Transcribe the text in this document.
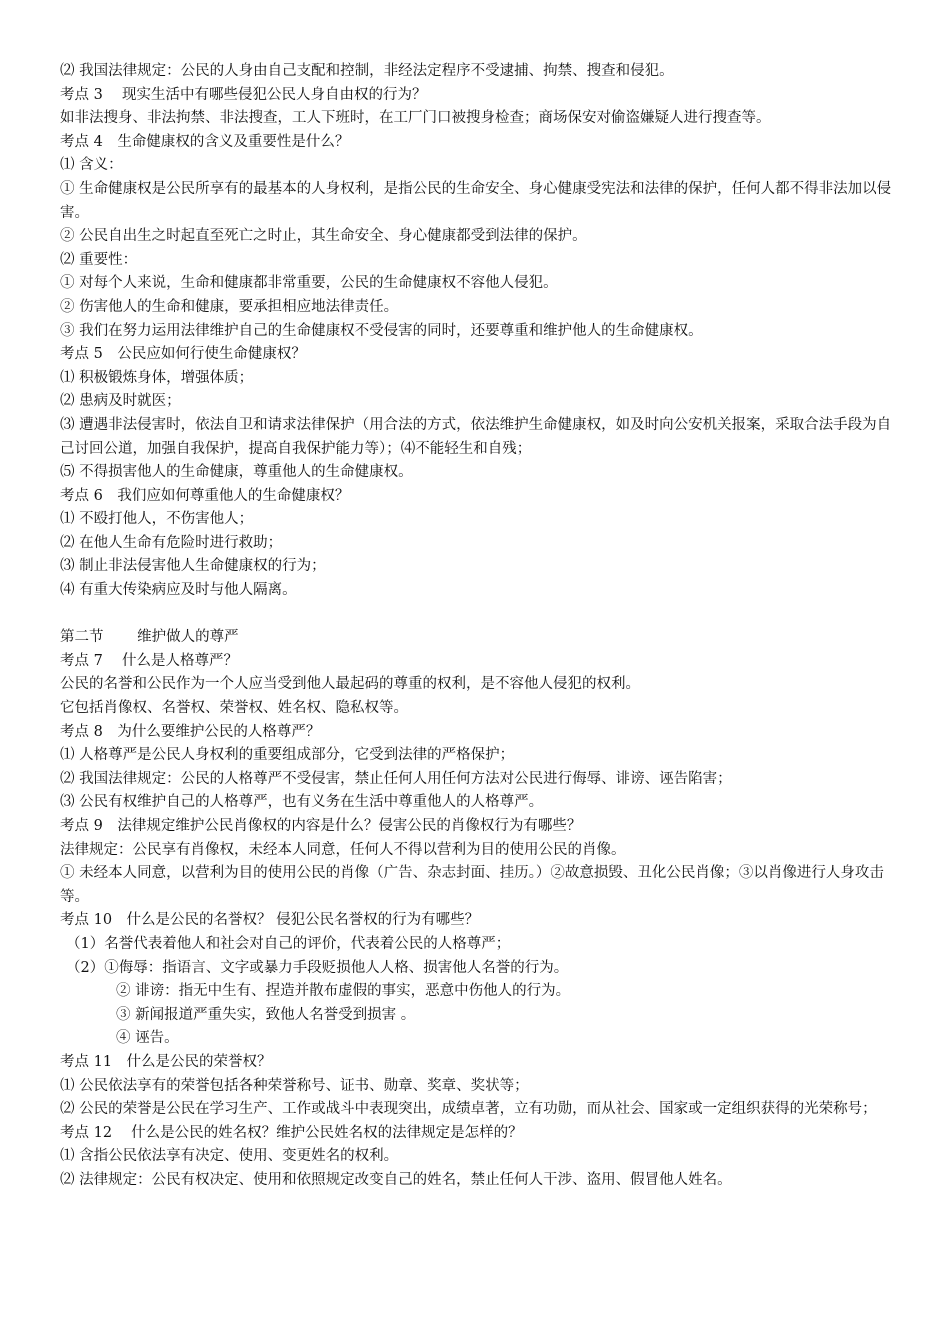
⑵ 我国法律规定：公民的人身由自己支配和控制，非经法定程序不受逮捕、拘禁、搜查和侵犯。
考点 3　 现实生活中有哪些侵犯公民人身自由权的行为？
如非法搜身、非法拘禁、非法搜查，工人下班时，在工厂门口被搜身检查；商场保安对偷盗嫌疑人进行搜查等。
考点 4　生命健康权的含义及重要性是什么？
⑴ 含义：
① 生命健康权是公民所享有的最基本的人身权利，是指公民的生命安全、身心健康受宪法和法律的保护，任何人都不得非法加以侵害。
② 公民自出生之时起直至死亡之时止，其生命安全、身心健康都受到法律的保护。
⑵ 重要性：
① 对每个人来说，生命和健康都非常重要，公民的生命健康权不容他人侵犯。
② 伤害他人的生命和健康，要承担相应地法律责任。
③ 我们在努力运用法律维护自己的生命健康权不受侵害的同时，还要尊重和维护他人的生命健康权。
考点 5　公民应如何行使生命健康权？
⑴ 积极锻炼身体，增强体质；
⑵ 患病及时就医；
⑶ 遭遇非法侵害时，依法自卫和请求法律保护（用合法的方式，依法维护生命健康权，如及时向公安机关报案，采取合法手段为自己讨回公道，加强自我保护，提高自我保护能力等）；⑷不能轻生和自残；
⑸ 不得损害他人的生命健康，尊重他人的生命健康权。
考点 6　我们应如何尊重他人的生命健康权？
⑴ 不殴打他人，不伤害他人；
⑵ 在他人生命有危险时进行救助；
⑶ 制止非法侵害他人生命健康权的行为；
⑷ 有重大传染病应及时与他人隔离。
第二节　　 维护做人的尊严
考点 7　 什么是人格尊严？
公民的名誉和公民作为一个人应当受到他人最起码的尊重的权利，是不容他人侵犯的权利。
它包括肖像权、名誉权、荣誉权、姓名权、隐私权等。
考点 8　为什么要维护公民的人格尊严？
⑴ 人格尊严是公民人身权利的重要组成部分，它受到法律的严格保护；
⑵ 我国法律规定：公民的人格尊严不受侵害，禁止任何人用任何方法对公民进行侮辱、诽谤、诬告陷害；
⑶ 公民有权维护自己的人格尊严，也有义务在生活中尊重他人的人格尊严。
考点 9　法律规定维护公民肖像权的内容是什么？侵害公民的肖像权行为有哪些？
法律规定：公民享有肖像权，未经本人同意，任何人不得以营利为目的使用公民的肖像。
① 未经本人同意，以营利为目的使用公民的肖像（广告、杂志封面、挂历。）②故意损毁、丑化公民肖像；③以肖像进行人身攻击等。
考点 10　什么是公民的名誉权？ 侵犯公民名誉权的行为有哪些？
（1）名誉代表着他人和社会对自己的评价，代表着公民的人格尊严；
（2）①侮辱：指语言、文字或暴力手段贬损他人人格、损害他人名誉的行为。
② 诽谤：指无中生有、捏造并散布虚假的事实，恶意中伤他人的行为。
③ 新闻报道严重失实，致他人名誉受到损害 。
④ 诬告。
考点 11　什么是公民的荣誉权？
⑴ 公民依法享有的荣誉包括各种荣誉称号、证书、勋章、奖章、奖状等；
⑵ 公民的荣誉是公民在学习生产、工作或战斗中表现突出，成绩卓著，立有功勋，而从社会、国家或一定组织获得的光荣称号；
考点 12　 什么是公民的姓名权？维护公民姓名权的法律规定是怎样的？
⑴ 含指公民依法享有决定、使用、变更姓名的权利。
⑵ 法律规定：公民有权决定、使用和依照规定改变自己的姓名，禁止任何人干涉、盗用、假冒他人姓名。
